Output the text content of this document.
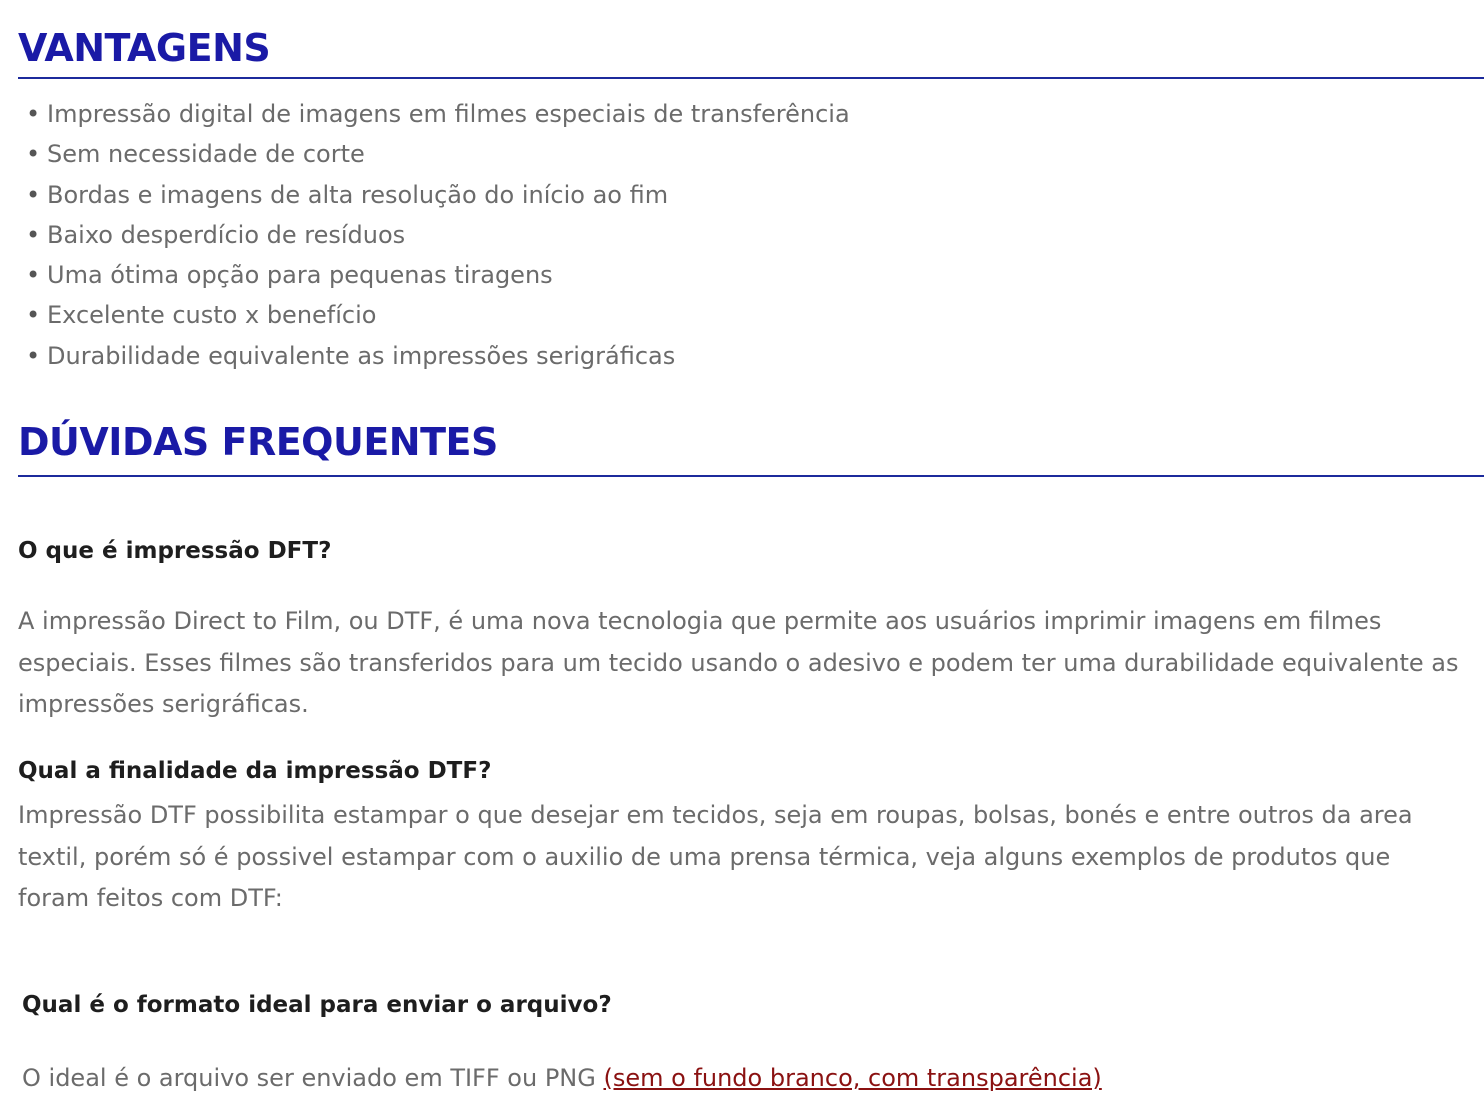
VANTAGENS
• Impressão digital de imagens em filmes especiais de transferência
• Sem necessidade de corte
• Bordas e imagens de alta resolução do início ao fim
• Baixo desperdício de resíduos
• Uma ótima opção para pequenas tiragens
• Excelente custo x benefício
• Durabilidade equivalente as impressões serigráficas
DÚVIDAS FREQUENTES
O que é impressão DFT?

A impressão Direct to Film, ou DTF, é uma nova tecnologia que permite aos usuários imprimir imagens em filmes especiais. Esses filmes são transferidos para um tecido usando o adesivo e podem ter uma durabilidade equivalente as impressões serigráficas.

Qual a finalidade da impressão DTF?

Impressão DTF possibilita estampar o que desejar em tecidos, seja em roupas, bolsas, bonés e entre outros da area textil, porém só é possivel estampar com o auxilio de uma prensa térmica, veja alguns exemplos de produtos que foram feitos com DTF:

Qual é o formato ideal para enviar o arquivo?

O ideal é o arquivo ser enviado em TIFF ou PNG (sem o fundo branco, com transparência)
